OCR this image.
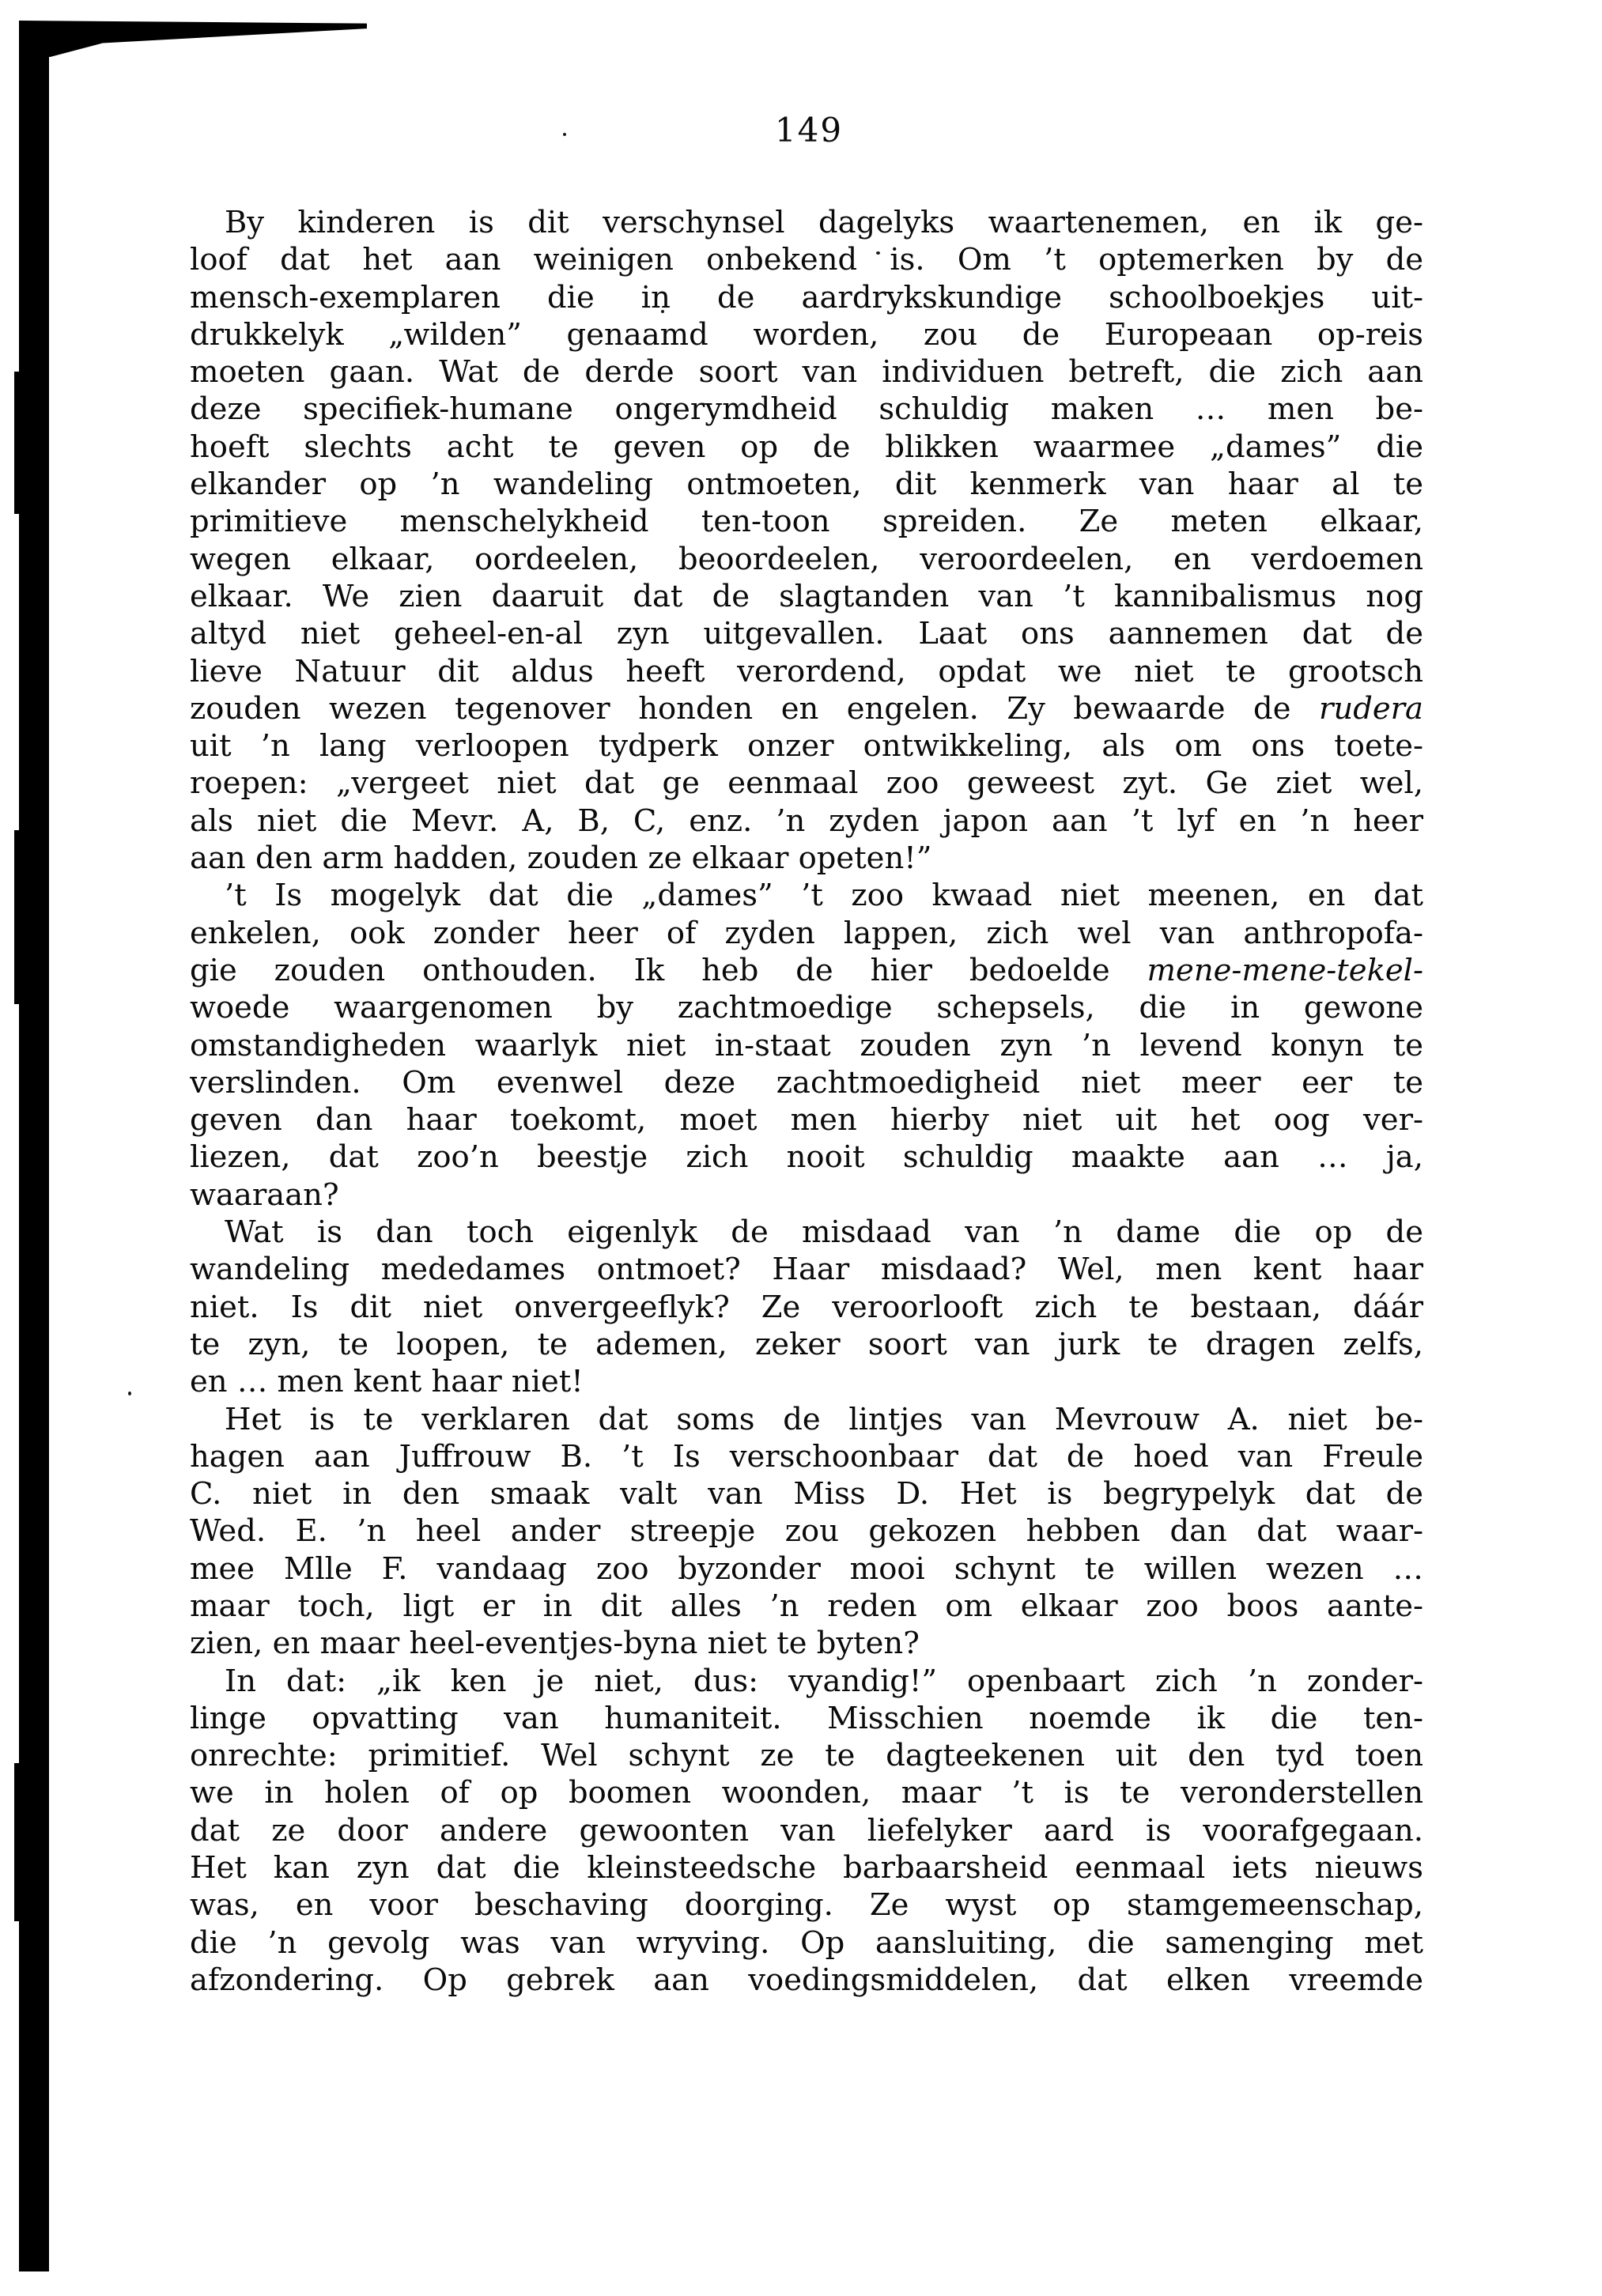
149
By kinderen is dit verschynsel dagelyks waartenemen, en ik ge-
loof dat het aan weinigen onbekend is. Om ’t optemerken by de
mensch-exemplaren die in de aardrykskundige schoolboekjes uit-
drukkelyk „wilden” genaamd worden, zou de Europeaan op-reis
moeten gaan. Wat de derde soort van individuen betreft, die zich aan
deze specifiek-humane ongerymdheid schuldig maken … men be-
hoeft slechts acht te geven op de blikken waarmee „dames” die
elkander op ’n wandeling ontmoeten, dit kenmerk van haar al te
primitieve menschelykheid ten-toon spreiden. Ze meten elkaar,
wegen elkaar, oordeelen, beoordeelen, veroordeelen, en verdoemen
elkaar. We zien daaruit dat de slagtanden van ’t kannibalismus nog
altyd niet geheel-en-al zyn uitgevallen. Laat ons aannemen dat de
lieve Natuur dit aldus heeft verordend, opdat we niet te grootsch
zouden wezen tegenover honden en engelen. Zy bewaarde de rudera
uit ’n lang verloopen tydperk onzer ontwikkeling, als om ons toete-
roepen: „vergeet niet dat ge eenmaal zoo geweest zyt. Ge ziet wel,
als niet die Mevr. A, B, C, enz. ’n zyden japon aan ’t lyf en ’n heer
aan den arm hadden, zouden ze elkaar opeten!”
’t Is mogelyk dat die „dames” ’t zoo kwaad niet meenen, en dat
enkelen, ook zonder heer of zyden lappen, zich wel van anthropofa-
gie zouden onthouden. Ik heb de hier bedoelde mene-mene-tekel-
woede waargenomen by zachtmoedige schepsels, die in gewone
omstandigheden waarlyk niet in-staat zouden zyn ’n levend konyn te
verslinden. Om evenwel deze zachtmoedigheid niet meer eer te
geven dan haar toekomt, moet men hierby niet uit het oog ver-
liezen, dat zoo’n beestje zich nooit schuldig maakte aan … ja,
waaraan?
Wat is dan toch eigenlyk de misdaad van ’n dame die op de
wandeling mededames ontmoet? Haar misdaad? Wel, men kent haar
niet. Is dit niet onvergeeflyk? Ze veroorlooft zich te bestaan, dáár
te zyn, te loopen, te ademen, zeker soort van jurk te dragen zelfs,
en … men kent haar niet!
Het is te verklaren dat soms de lintjes van Mevrouw A. niet be-
hagen aan Juffrouw B. ’t Is verschoonbaar dat de hoed van Freule
C. niet in den smaak valt van Miss D. Het is begrypelyk dat de
Wed. E. ’n heel ander streepje zou gekozen hebben dan dat waar-
mee Mlle F. vandaag zoo byzonder mooi schynt te willen wezen …
maar toch, ligt er in dit alles ’n reden om elkaar zoo boos aante-
zien, en maar heel-eventjes-byna niet te byten?
In dat: „ik ken je niet, dus: vyandig!” openbaart zich ’n zonder-
linge opvatting van humaniteit. Misschien noemde ik die ten-
onrechte: primitief. Wel schynt ze te dagteekenen uit den tyd toen
we in holen of op boomen woonden, maar ’t is te veronderstellen
dat ze door andere gewoonten van liefelyker aard is voorafgegaan.
Het kan zyn dat die kleinsteedsche barbaarsheid eenmaal iets nieuws
was, en voor beschaving doorging. Ze wyst op stamgemeenschap,
die ’n gevolg was van wryving. Op aansluiting, die samenging met
afzondering. Op gebrek aan voedingsmiddelen, dat elken vreemde
